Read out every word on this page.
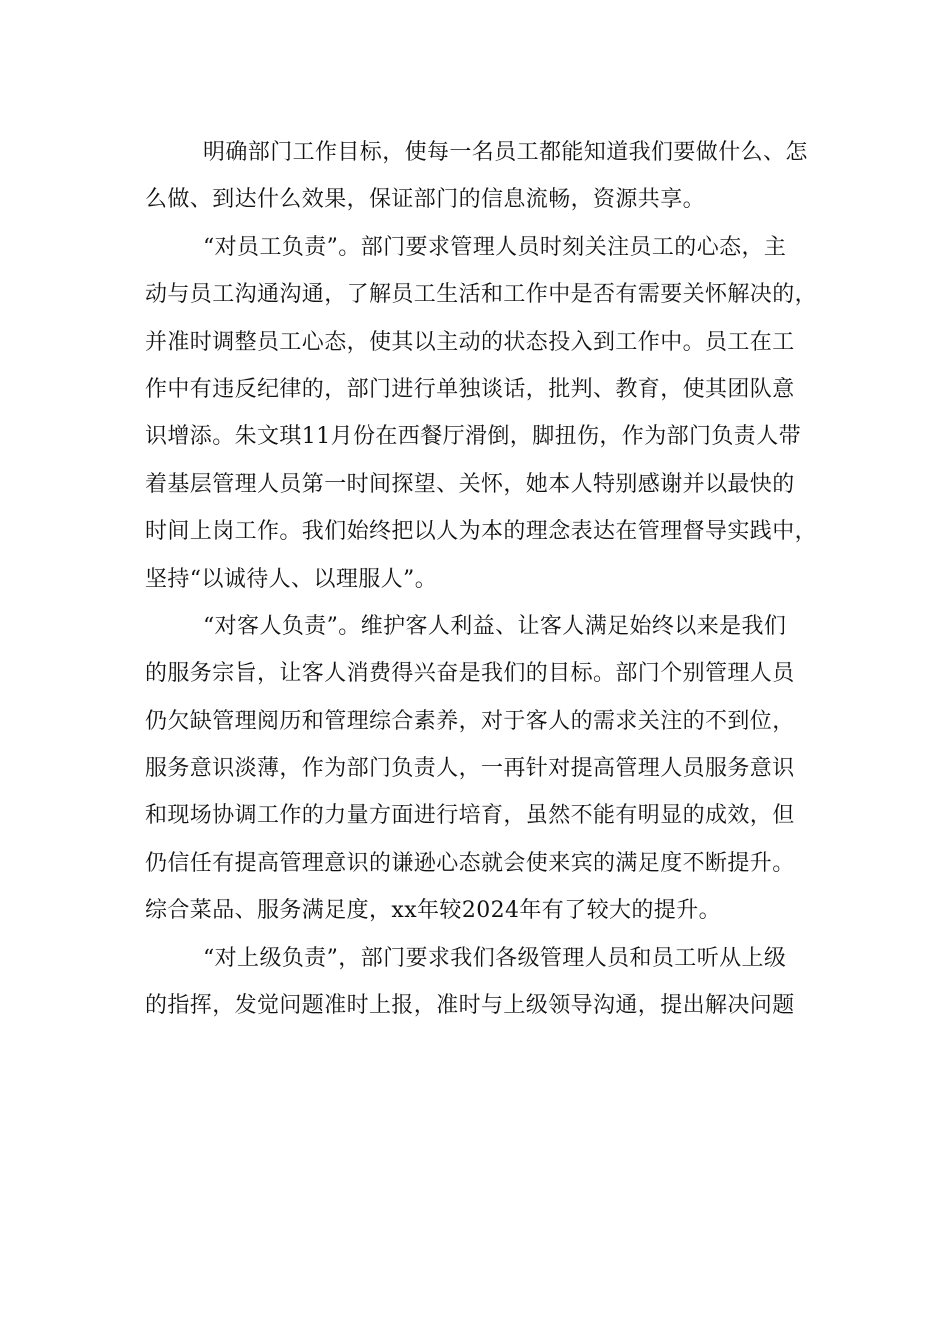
明确部门工作目标，使每一名员工都能知道我们要做什么、怎
么做、到达什么效果，保证部门的信息流畅，资源共享。
“对员工负责”。部门要求管理人员时刻关注员工的心态，主
动与员工沟通沟通，了解员工生活和工作中是否有需要关怀解决的，
并准时调整员工心态，使其以主动的状态投入到工作中。员工在工
作中有违反纪律的，部门进行单独谈话，批判、教育，使其团队意
识增添。朱文琪11月份在西餐厅滑倒，脚扭伤，作为部门负责人带
着基层管理人员第一时间探望、关怀，她本人特别感谢并以最快的
时间上岗工作。我们始终把以人为本的理念表达在管理督导实践中，
坚持“以诚待人、以理服人”。
“对客人负责”。维护客人利益、让客人满足始终以来是我们
的服务宗旨，让客人消费得兴奋是我们的目标。部门个别管理人员
仍欠缺管理阅历和管理综合素养，对于客人的需求关注的不到位，
服务意识淡薄，作为部门负责人，一再针对提高管理人员服务意识
和现场协调工作的力量方面进行培育，虽然不能有明显的成效，但
仍信任有提高管理意识的谦逊心态就会使来宾的满足度不断提升。
综合菜品、服务满足度，xx年较2024年有了较大的提升。
“对上级负责”，部门要求我们各级管理人员和员工听从上级
的指挥，发觉问题准时上报，准时与上级领导沟通，提出解决问题
